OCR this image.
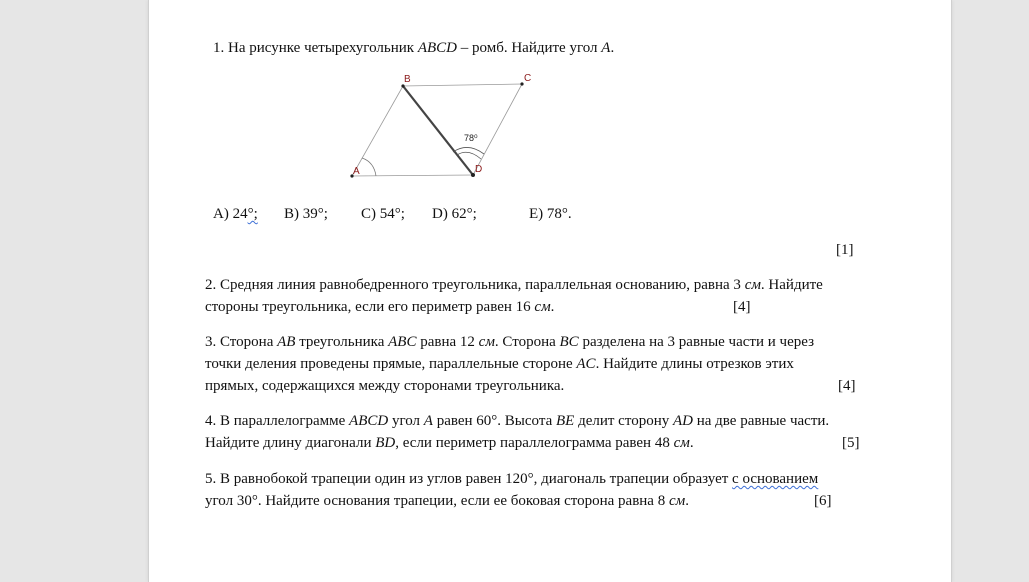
1. На рисунке четырехугольник ABCD – ромб. Найдите угол A.
B	C
A	D
78⁰
A) 24°; B) 39°; C) 54°; D) 62°;	E) 78°.
[1]
2. Средняя линия равнобедренного треугольника, параллельная основанию, равна 3 см. Найдите
стороны треугольника, если его периметр равен 16 см.	[4]
3. Сторона AB треугольника ABC равна 12 см. Сторона BC разделена на 3 равные части и через
точки деления проведены прямые, параллельные стороне AC. Найдите длины отрезков этих
прямых, содержащихся между сторонами треугольника.	[4]
4. В параллелограмме ABCD угол A равен 60°. Высота BE делит сторону AD на две равные части.
Найдите длину диагонали BD, если периметр параллелограмма равен 48 см.	[5]
5. В равнобокой трапеции один из углов равен 120°, диагональ трапеции образует с основанием
угол 30°. Найдите основания трапеции, если ее боковая сторона равна 8 см.	[6]
